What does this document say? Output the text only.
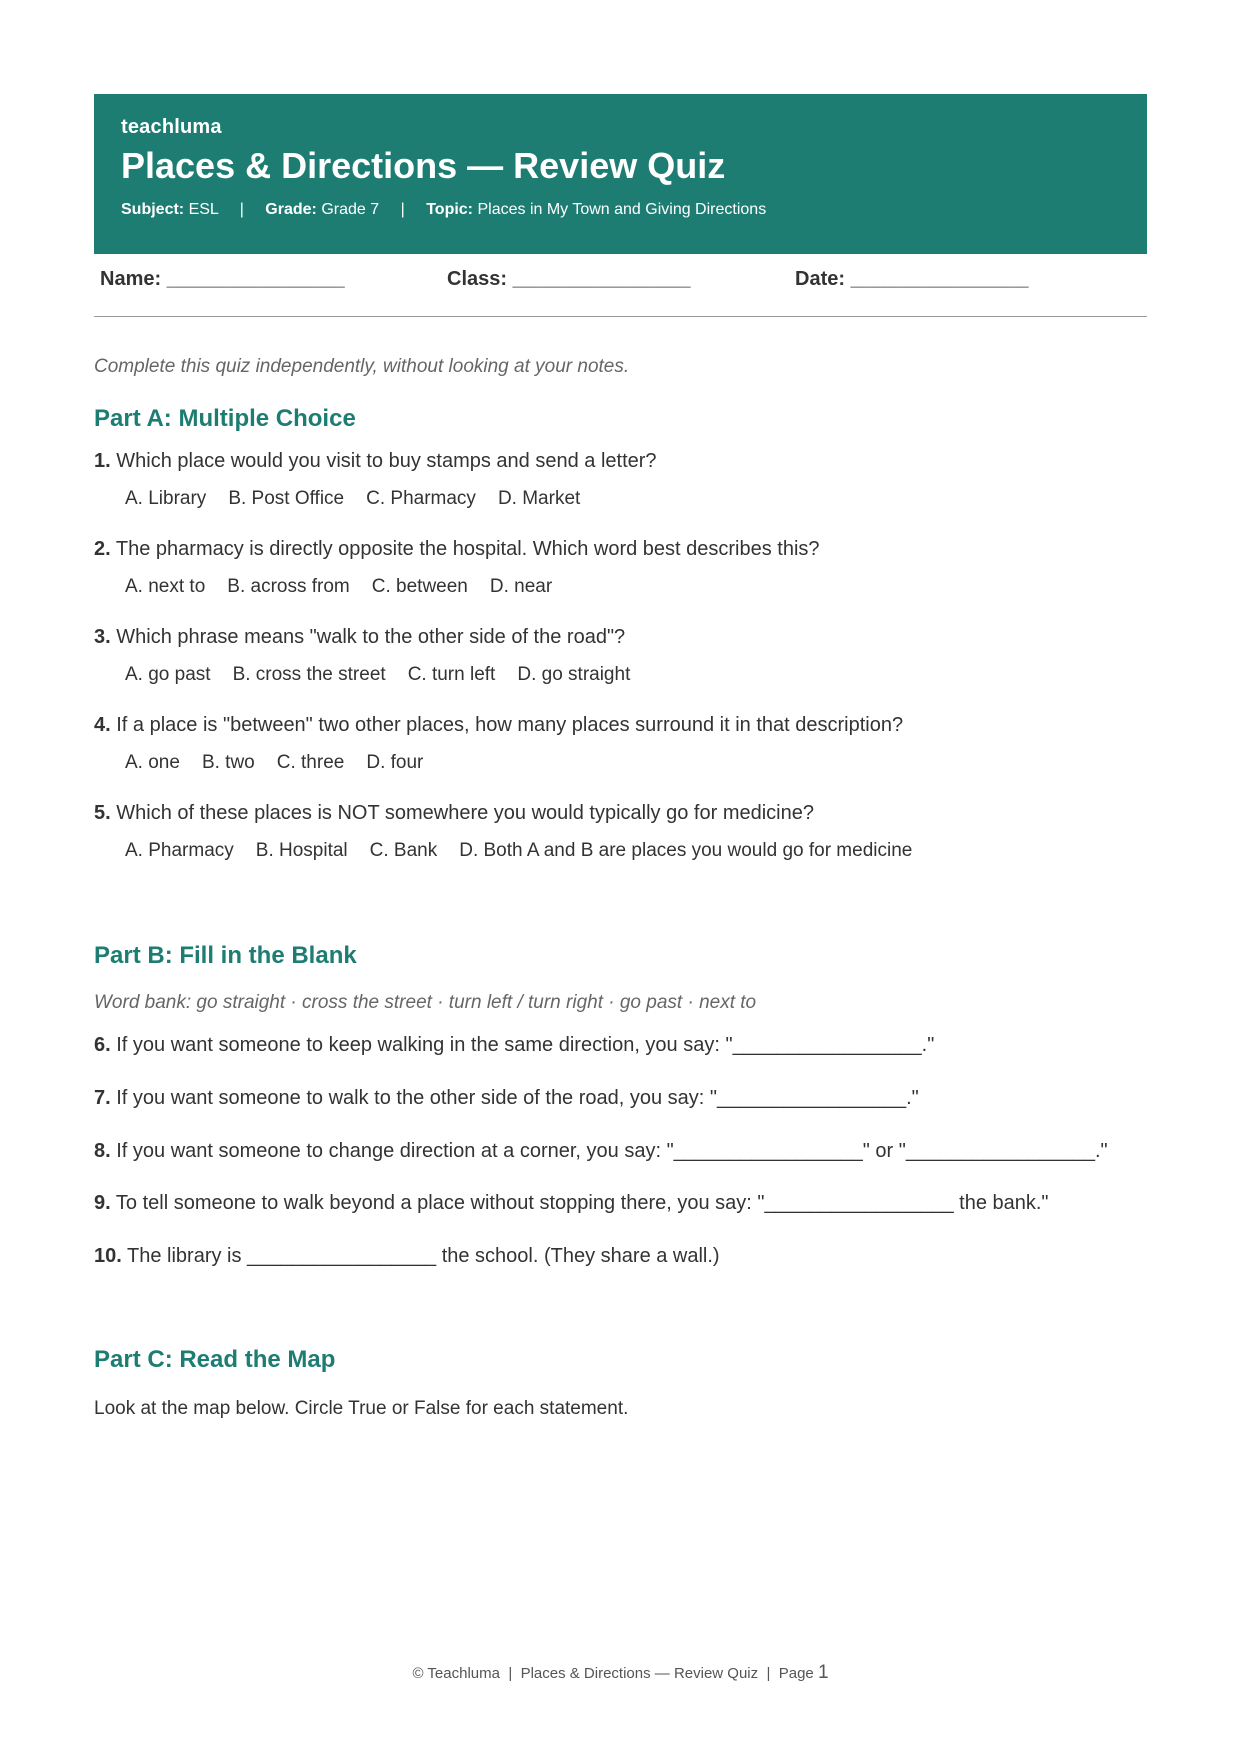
teachluma
Places & Directions — Review Quiz
Subject: ESL | Grade: Grade 7 | Topic: Places in My Town and Giving Directions
Name: ________________	Class: ________________	Date: ________________
Complete this quiz independently, without looking at your notes.
Part A: Multiple Choice
1. Which place would you visit to buy stamps and send a letter?
A. Library B. Post Office C. Pharmacy D. Market
2. The pharmacy is directly opposite the hospital. Which word best describes this?
A. next to B. across from C. between D. near
3. Which phrase means "walk to the other side of the road"?
A. go past B. cross the street C. turn left D. go straight
4. If a place is "between" two other places, how many places surround it in that description?
A. one B. two C. three D. four
5. Which of these places is NOT somewhere you would typically go for medicine?
A. Pharmacy B. Hospital C. Bank D. Both A and B are places you would go for medicine
Part B: Fill in the Blank
Word bank: go straight · cross the street · turn left / turn right · go past · next to
6. If you want someone to keep walking in the same direction, you say: "_________________."
7. If you want someone to walk to the other side of the road, you say: "_________________."
8. If you want someone to change direction at a corner, you say: "_________________" or "_________________."
9. To tell someone to walk beyond a place without stopping there, you say: "_________________ the bank."
10. The library is _________________ the school. (They share a wall.)
Part C: Read the Map
Look at the map below. Circle True or False for each statement.
© Teachluma | Places & Directions — Review Quiz | Page 1
